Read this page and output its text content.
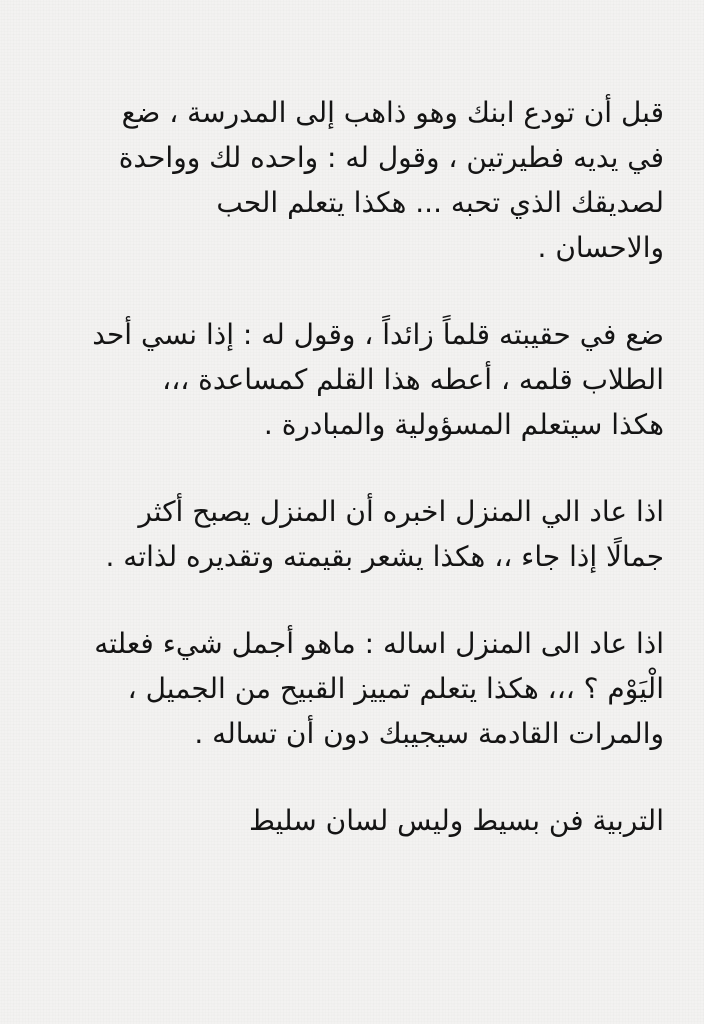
قبل أن تودع ابنك وهو ذاهب إلى المدرسة ، ضع
في يديه فطيرتين ، وقول له : واحده لك وواحدة
لصديقك الذي تحبه ... هكذا يتعلم الحب
والاحسان .
ضع في حقيبته قلماً زائداً ، وقول له : إذا نسي أحد
الطلاب قلمه ، أعطه هذا القلم كمساعدة ،،،
هكذا سيتعلم المسؤولية والمبادرة .
اذا عاد الي المنزل اخبره أن المنزل يصبح أكثر
جمالًا إذا جاء ،، هكذا يشعر بقيمته وتقديره لذاته .
اذا عاد الى المنزل اساله : ماهو أجمل شيء فعلته
الْيَوْم ؟ ،،، هكذا يتعلم تمييز القبيح من الجميل ،
والمرات القادمة سيجيبك دون أن تساله .
التربية فن بسيط وليس لسان سليط
